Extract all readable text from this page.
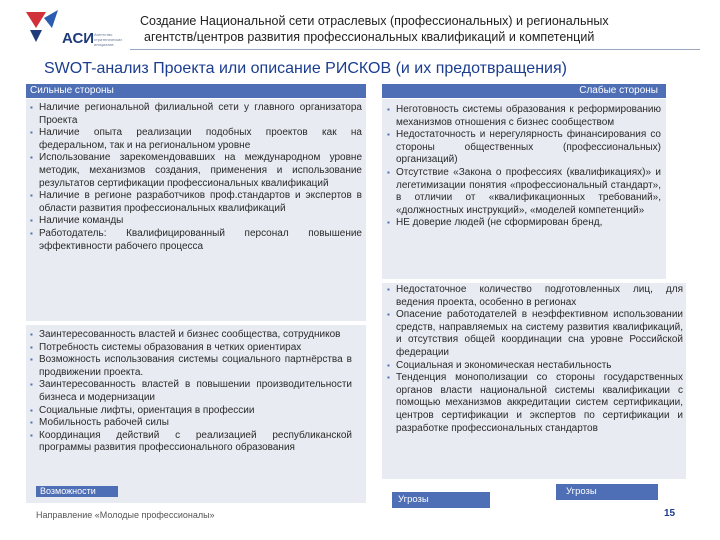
АСИ Агентство стратегических инициатив
Создание Национальной сети отраслевых (профессиональных) и региональных
агентств/центров развития профессиональных квалификаций и компетенций
SWOT-анализ Проекта или описание РИСКОВ (и их предотвращения)
Сильные стороны	Слабые стороны
▪ Наличие региональной филиальной сети у главного организатора Проекта
▪ Наличие опыта реализации подобных проектов как на федеральном, так и на региональном уровне
▪ Использование зарекомендовавших на международном уровне методик, механизмов создания, применения и использование результатов сертификации профессиональных квалификаций
▪ Наличие в регионе разработчиков проф.стандартов и экспертов в области развития профессиональных квалификаций
▪ Наличие команды
▪ Работодатель: Квалифицированный персонал повышение эффективности рабочего процесса
▪ Заинтересованность властей и бизнес сообщества, сотрудников
▪ Потребность системы образования в четких ориентирах
▪ Возможность использования системы социального партнёрства в продвижении проекта.
▪ Заинтересованность властей в повышении производительности бизнеса и модернизации
▪ Социальные лифты, ориентация в профессии
▪ Мобильность рабочей силы
▪ Координация действий с реализацией республиканской программы развития профессионального образования
▪ Неготовность системы образования к реформированию механизмов отношения с бизнес сообществом
▪ Недостаточность и нерегулярность финансирования со стороны общественных (профессиональных) организаций)
▪ Отсутствие «Закона о профессиях (квалификациях)» и легетимизации понятия «профессиональный стандарт», в отличии от «квалификационных требований», «должностных инструкций», «моделей компетенций»
▪ НЕ доверие людей (не сформирован бренд,
▪ Недостаточное количество подготовленных лиц, для ведения проекта, особенно в регионах
▪ Опасение работодателей в неэффективном использовании средств, направляемых на систему развития квалификаций, и отсутствия общей координации сна уровне Российской федерации
▪ Социальная и экономическая нестабильность
▪ Тенденция монополизации со стороны государственных органов власти национальной системы квалификации с помощью механизмов аккредитации систем сертификации, центров сертификации и экспертов по сертификации и разработке профессиональных стандартов
Возможности
Угрозы
Угрозы
Направление «Молодые профессионалы»	15
